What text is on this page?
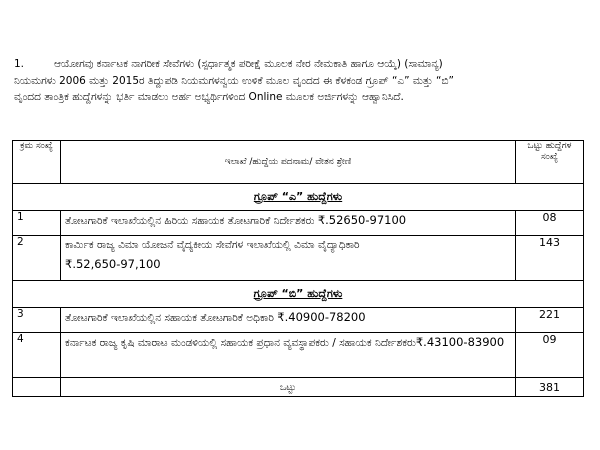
1.	ಆಯೋಗವು ಕರ್ನಾಟಕ ನಾಗರೀಕ ಸೇವೆಗಳು (ಸ್ಪರ್ಧಾತ್ಮಕ ಪರೀಕ್ಷೆ ಮೂಲಕ ನೇರ ನೇಮಕಾತಿ ಹಾಗೂ ಆಯ್ಕೆ) (ಸಾಮಾನ್ಯ)
ನಿಯಮಗಳು 2006 ಮತ್ತು 2015ರ ತಿದ್ದುಪಡಿ ನಿಯಮಗಳನ್ವಯ ಉಳಿಕೆ ಮೂಲ ವೃಂದದ ಈ ಕೆಳಕಂಡ ಗ್ರೂಪ್ “ಎ” ಮತ್ತು “ಬಿ”
ವೃಂದದ ತಾಂತ್ರಿಕ ಹುದ್ದೆಗಳನ್ನು ಭರ್ತಿ ಮಾಡಲು ಅರ್ಹ ಅಭ್ಯರ್ಥಿಗಳಿಂದ Online ಮೂಲಕ ಅರ್ಜಿಗಳನ್ನು ಆಹ್ವಾನಿಸಿದೆ.
ಕ್ರಮ ಸಂಖ್ಯೆ	ಇಲಾಖೆ /ಹುದ್ದೆಯ ಪದನಾಮ/ ವೇತನ ಶ್ರೇಣಿ	ಒಟ್ಟು ಹುದ್ದೆಗಳ ಸಂಖ್ಯೆ
ಗ್ರೂಪ್ “ಎ” ಹುದ್ದೆಗಳು		
1	ತೋಟಗಾರಿಕೆ ಇಲಾಖೆಯಲ್ಲಿನ ಹಿರಿಯ ಸಹಾಯಕ ತೋಟಗಾರಿಕೆ ನಿರ್ದೇಶಕರು ₹.52650-97100	08
2	ಕಾರ್ಮಿಕ ರಾಜ್ಯ ವಿಮಾ ಯೋಜನೆ ವೈದ್ಯಕೀಯ ಸೇವೆಗಳ ಇಲಾಖೆಯಲ್ಲಿ ವಿಮಾ ವೈದ್ಯಾಧಿಕಾರಿ
₹.52,650-97,100	143
ಗ್ರೂಪ್ “ಬಿ” ಹುದ್ದೆಗಳು		
3	ತೋಟಗಾರಿಕೆ ಇಲಾಖೆಯಲ್ಲಿನ ಸಹಾಯಕ ತೋಟಗಾರಿಕೆ ಅಧಿಕಾರಿ ₹.40900-78200	221
4	ಕರ್ನಾಟಕ ರಾಜ್ಯ ಕೃಷಿ ಮಾರಾಟ ಮಂಡಳಿಯಲ್ಲಿ ಸಹಾಯಕ ಪ್ರಧಾನ ವ್ಯವಸ್ಥಾಪಕರು / ಸಹಾಯಕ ನಿರ್ದೇಶಕರು₹.43100-83900	09
	ಒಟ್ಟು	381
